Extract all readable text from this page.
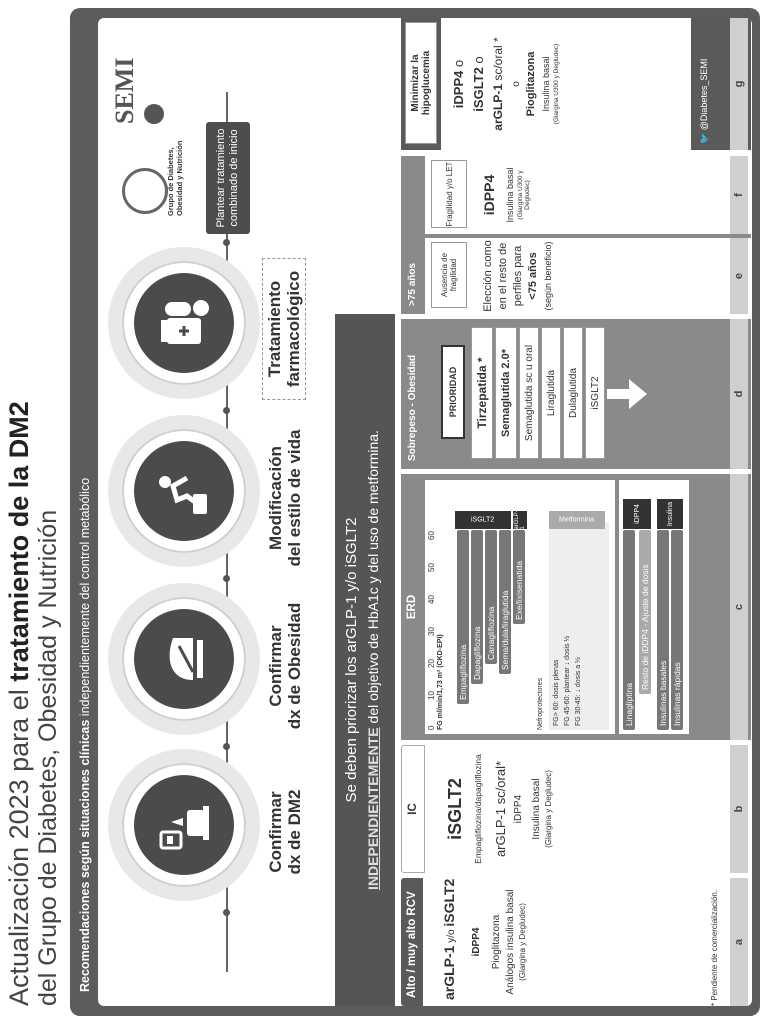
Actualización 2023 para el tratamiento de la DM2 del Grupo de Diabetes, Obesidad y Nutrición Recomendaciones según situaciones clínicas independientemente del control metabólico
Confirmar dx de DM2
Confirmar dx de Obesidad
Modificación del estilo de vida
Tratamiento farmacológico
Plantear tratamiento combinado de inicio
SEMI
Grupo de Diabetes, Obesidad y Nutrición
Se deben priorizar los arGLP-1 y/o iSGLT2
INDEPENDIENTEMENTE del objetivo de HbA1c y del uso de metformina.
Alto / muy alto RCV	arGLP-1 y/o iSGLT2
iDPP4 Pioglitazona Análogos insulina basal (Glargina y Degludec)
IC	iSGLT2 Empagliflozina/dapagliflozina arGLP-1 sc/oral* iDPP4 Insulina basal (Glargina y Degludec)
ERD
0
10
20
30
40
50
60
FG ml/min/1,73 m² (CKD-EPI) Empagliflozina Dapagliflozina Canagliflozina Sema/dula/liraglutida
Exe/lixisenatida
iSGLT2	arGLP-1
Nefroprotectores FG> 60: dosis plenas FG 45-60: plantear ↓ dosis ½ FG 30-45: ↓ dosis a ½
Metformina
Linagliptina
Resto de iDDP4 - Ajuste de dosis
Insulinas basales Insulinas rápidas
iDPP4	Insulina
Sobrepeso - Obesidad	PRIORIDAD	Tirzepatida *	Semaglutida 2.0*	Semaglutida sc u oral	Liraglutida	Dulaglutida	iSGLT2
>75 años	Ausencia de fragilidad	Elección como en el resto de perfiles para <75 años (según beneficio)
Fragilidad y/o LET	iDPP4 Insulina basal (Glargina U300 y Degludec)
Minimizar la hipoglucemia	iDPP4 o
iSGLT2 o
arGLP-1 sc/oral * o Pioglitazona Insulina basal (Glargina U300 y Degludec)
🐦 @Diabetes_SEMI
a
b
c
d
e
f
g
* Pendiente de comercialización.
